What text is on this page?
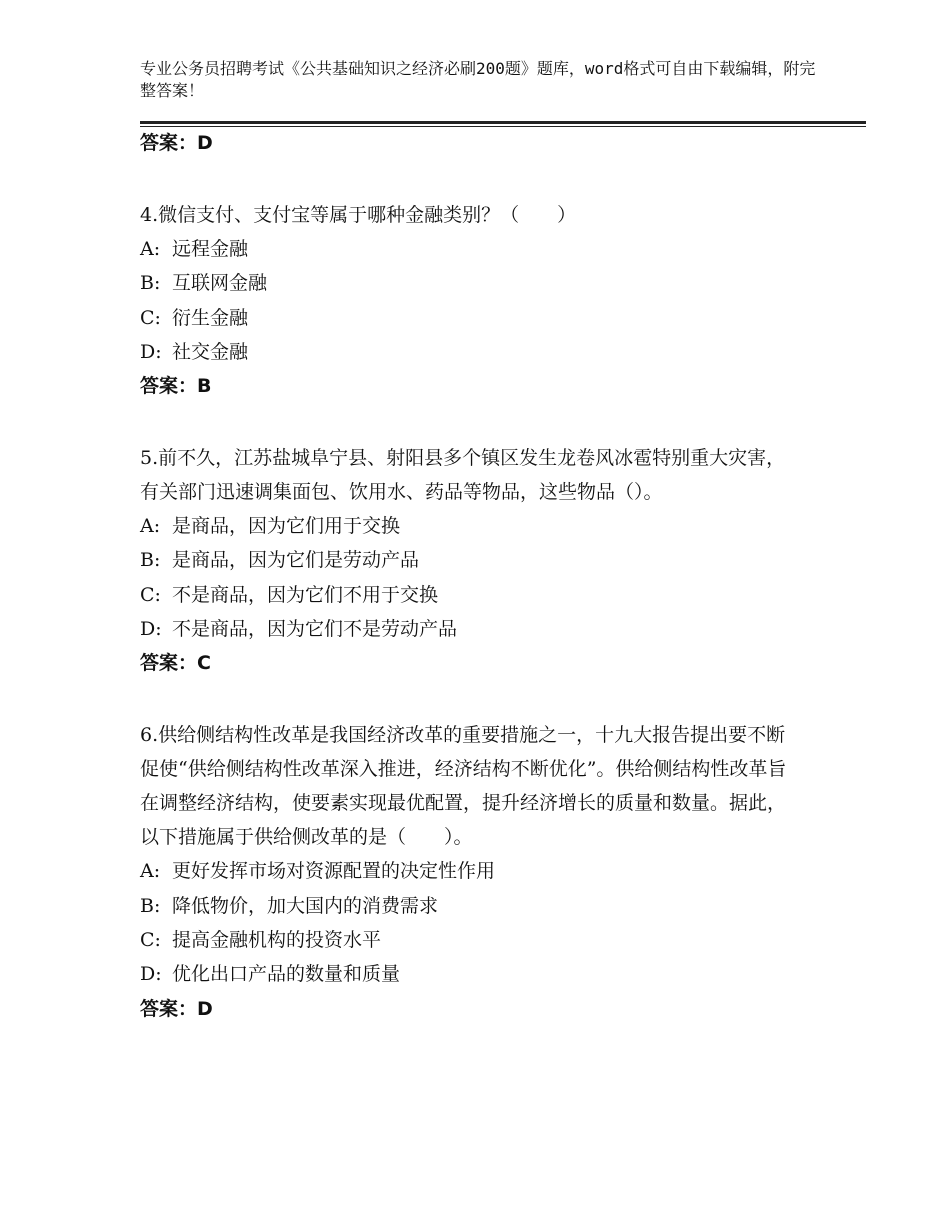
专业公务员招聘考试《公共基础知识之经济必刷200题》题库，word格式可自由下载编辑，附完整答案！

答案：D

4.微信支付、支付宝等属于哪种金融类别？（　　）

A: 远程金融
B: 互联网金融
C: 衍生金融
D: 社交金融

答案：B

5.前不久，江苏盐城阜宁县、射阳县多个镇区发生龙卷风冰雹特别重大灾害，有关部门迅速调集面包、饮用水、药品等物品，这些物品（）。

A: 是商品，因为它们用于交换
B: 是商品，因为它们是劳动产品
C: 不是商品，因为它们不用于交换
D: 不是商品，因为它们不是劳动产品

答案：C

6.供给侧结构性改革是我国经济改革的重要措施之一，十九大报告提出要不断促使“供给侧结构性改革深入推进，经济结构不断优化”。供给侧结构性改革旨在调整经济结构，使要素实现最优配置，提升经济增长的质量和数量。据此，以下措施属于供给侧改革的是（　　）。

A: 更好发挥市场对资源配置的决定性作用
B: 降低物价，加大国内的消费需求
C: 提高金融机构的投资水平
D: 优化出口产品的数量和质量

答案：D
